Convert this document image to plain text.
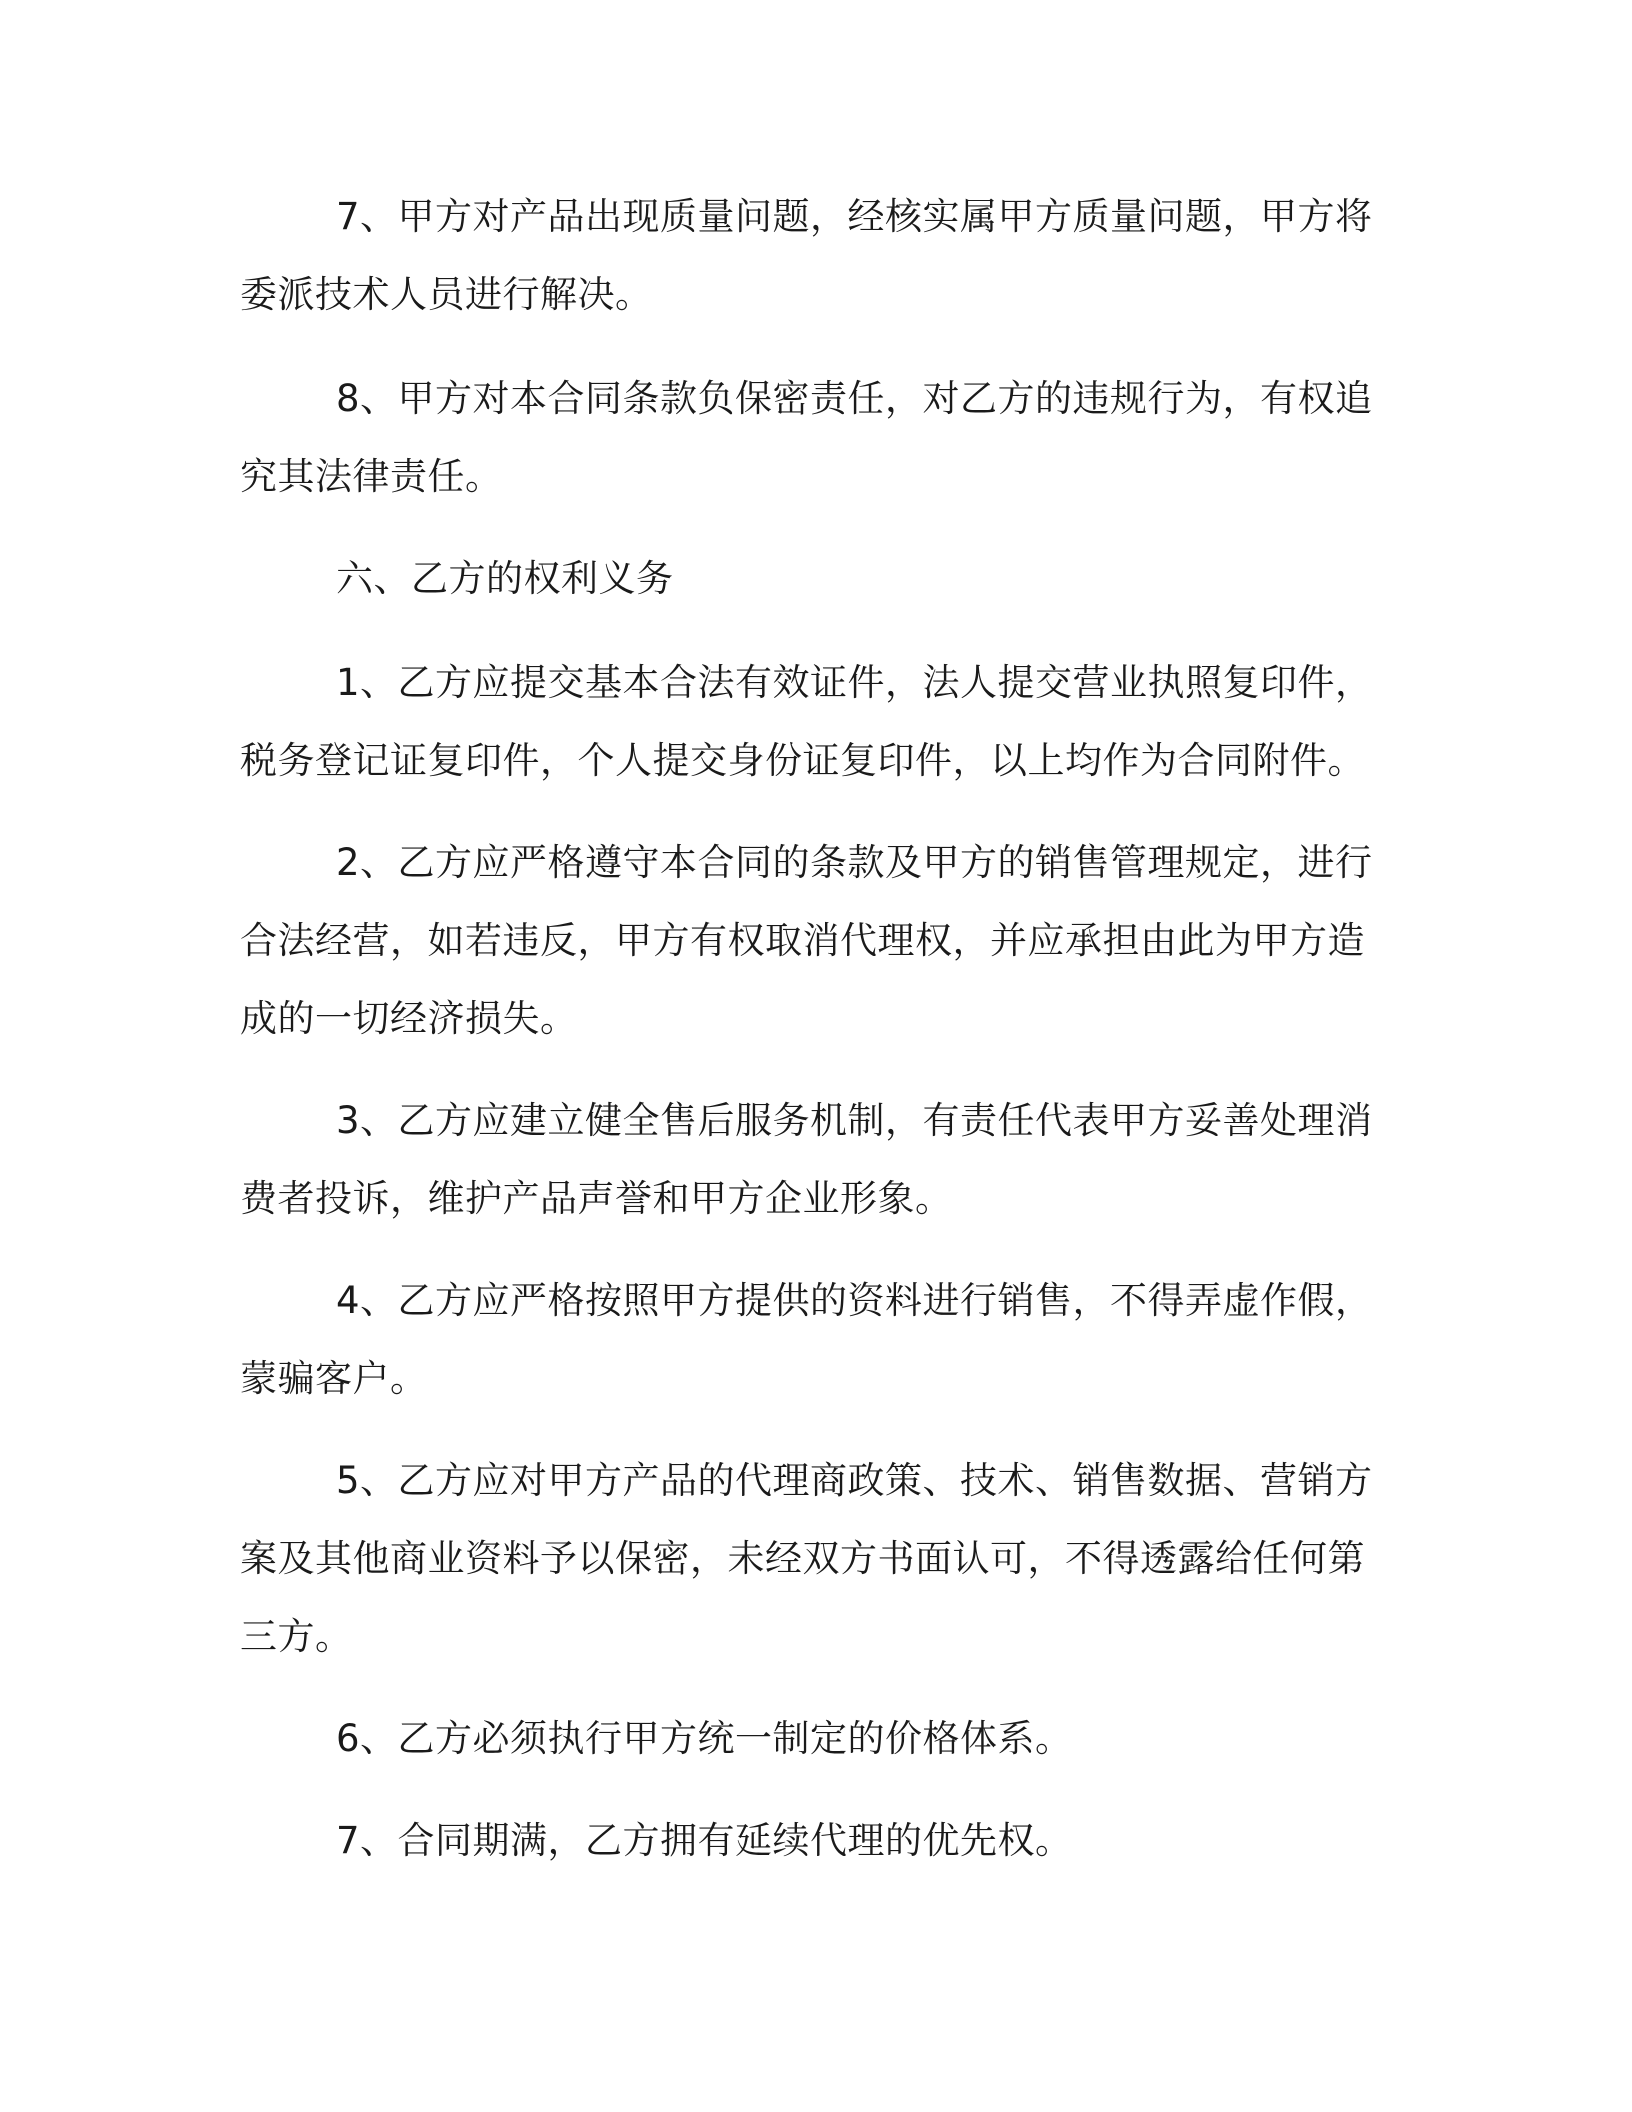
7、甲方对产品出现质量问题，经核实属甲方质量问题，甲方将
委派技术人员进行解决。

8、甲方对本合同条款负保密责任，对乙方的违规行为，有权追
究其法律责任。

六、乙方的权利义务

1、乙方应提交基本合法有效证件，法人提交营业执照复印件，
税务登记证复印件，个人提交身份证复印件，以上均作为合同附件。

2、乙方应严格遵守本合同的条款及甲方的销售管理规定，进行
合法经营，如若违反，甲方有权取消代理权，并应承担由此为甲方造
成的一切经济损失。

3、乙方应建立健全售后服务机制，有责任代表甲方妥善处理消
费者投诉，维护产品声誉和甲方企业形象。

4、乙方应严格按照甲方提供的资料进行销售，不得弄虚作假，
蒙骗客户。

5、乙方应对甲方产品的代理商政策、技术、销售数据、营销方
案及其他商业资料予以保密，未经双方书面认可，不得透露给任何第
三方。

6、乙方必须执行甲方统一制定的价格体系。

7、合同期满，乙方拥有延续代理的优先权。
